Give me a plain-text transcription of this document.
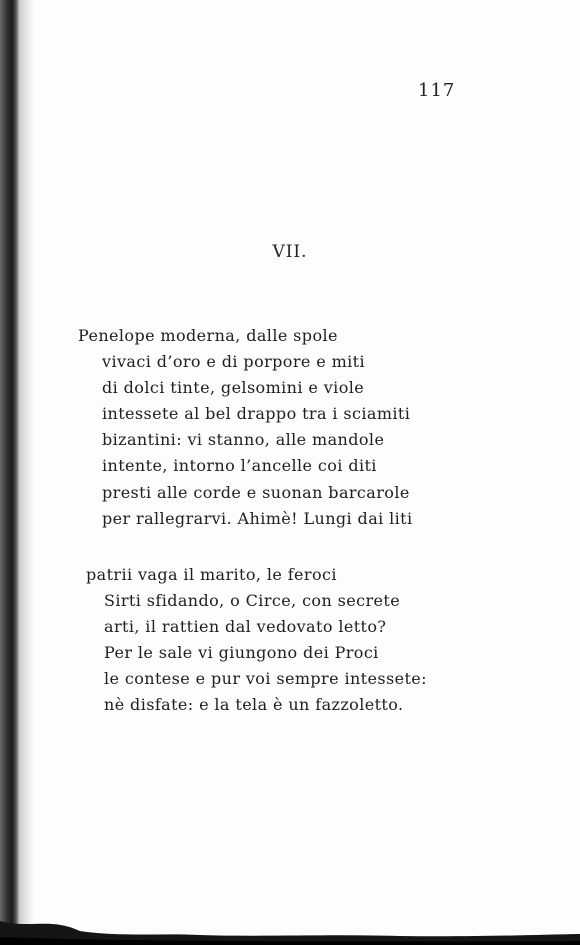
117
VII.
Penelope moderna, dalle spole
vivaci d’oro e di porpore e miti
di dolci tinte, gelsomini e viole
intessete al bel drappo tra i sciamiti
bizantini: vi stanno, alle mandole
intente, intorno l’ancelle coi diti
presti alle corde e suonan barcarole
per rallegrarvi. Ahimè! Lungi dai liti
patrii vaga il marito, le feroci
Sirti sfidando, o Circe, con secrete
arti, il rattien dal vedovato letto?
Per le sale vi giungono dei Proci
le contese e pur voi sempre intessete:
nè disfate: e la tela è un fazzoletto.
